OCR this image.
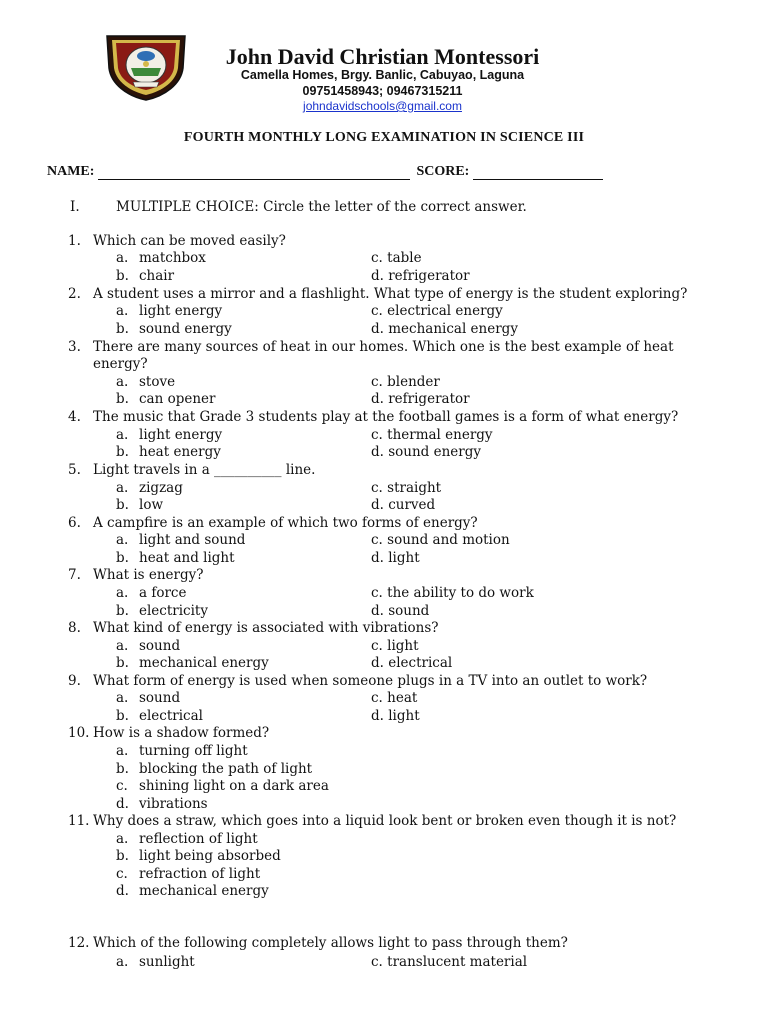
John David Christian Montessori
Camella Homes, Brgy. Banlic, Cabuyao, Laguna
09751458943; 09467315211
johndavidschools@gmail.com
FOURTH MONTHLY LONG EXAMINATION IN SCIENCE III
NAME:	SCORE:
I.	MULTIPLE CHOICE: Circle the letter of the correct answer.
1. Which can be moved easily?
a. matchbox	c. table
b. chair	d. refrigerator
2. A student uses a mirror and a flashlight. What type of energy is the student exploring?
a. light energy	c. electrical energy
b. sound energy	d. mechanical energy
3. There are many sources of heat in our homes. Which one is the best example of heat
energy?
a. stove	c. blender
b. can opener	d. refrigerator
4. The music that Grade 3 students play at the football games is a form of what energy?
a. light energy	c. thermal energy
b. heat energy	d. sound energy
5. Light travels in a __________ line.
a. zigzag	c. straight
b. low	d. curved
6. A campfire is an example of which two forms of energy?
a. light and sound	c. sound and motion
b. heat and light	d. light
7. What is energy?
a. a force	c. the ability to do work
b. electricity	d. sound
8. What kind of energy is associated with vibrations?
a. sound	c. light
b. mechanical energy	d. electrical
9. What form of energy is used when someone plugs in a TV into an outlet to work?
a. sound	c. heat
b. electrical	d. light
10. How is a shadow formed?
a. turning off light
b. blocking the path of light
c. shining light on a dark area
d. vibrations
11. Why does a straw, which goes into a liquid look bent or broken even though it is not?
a. reflection of light
b. light being absorbed
c. refraction of light
d. mechanical energy
12. Which of the following completely allows light to pass through them?
a. sunlight	c. translucent material
